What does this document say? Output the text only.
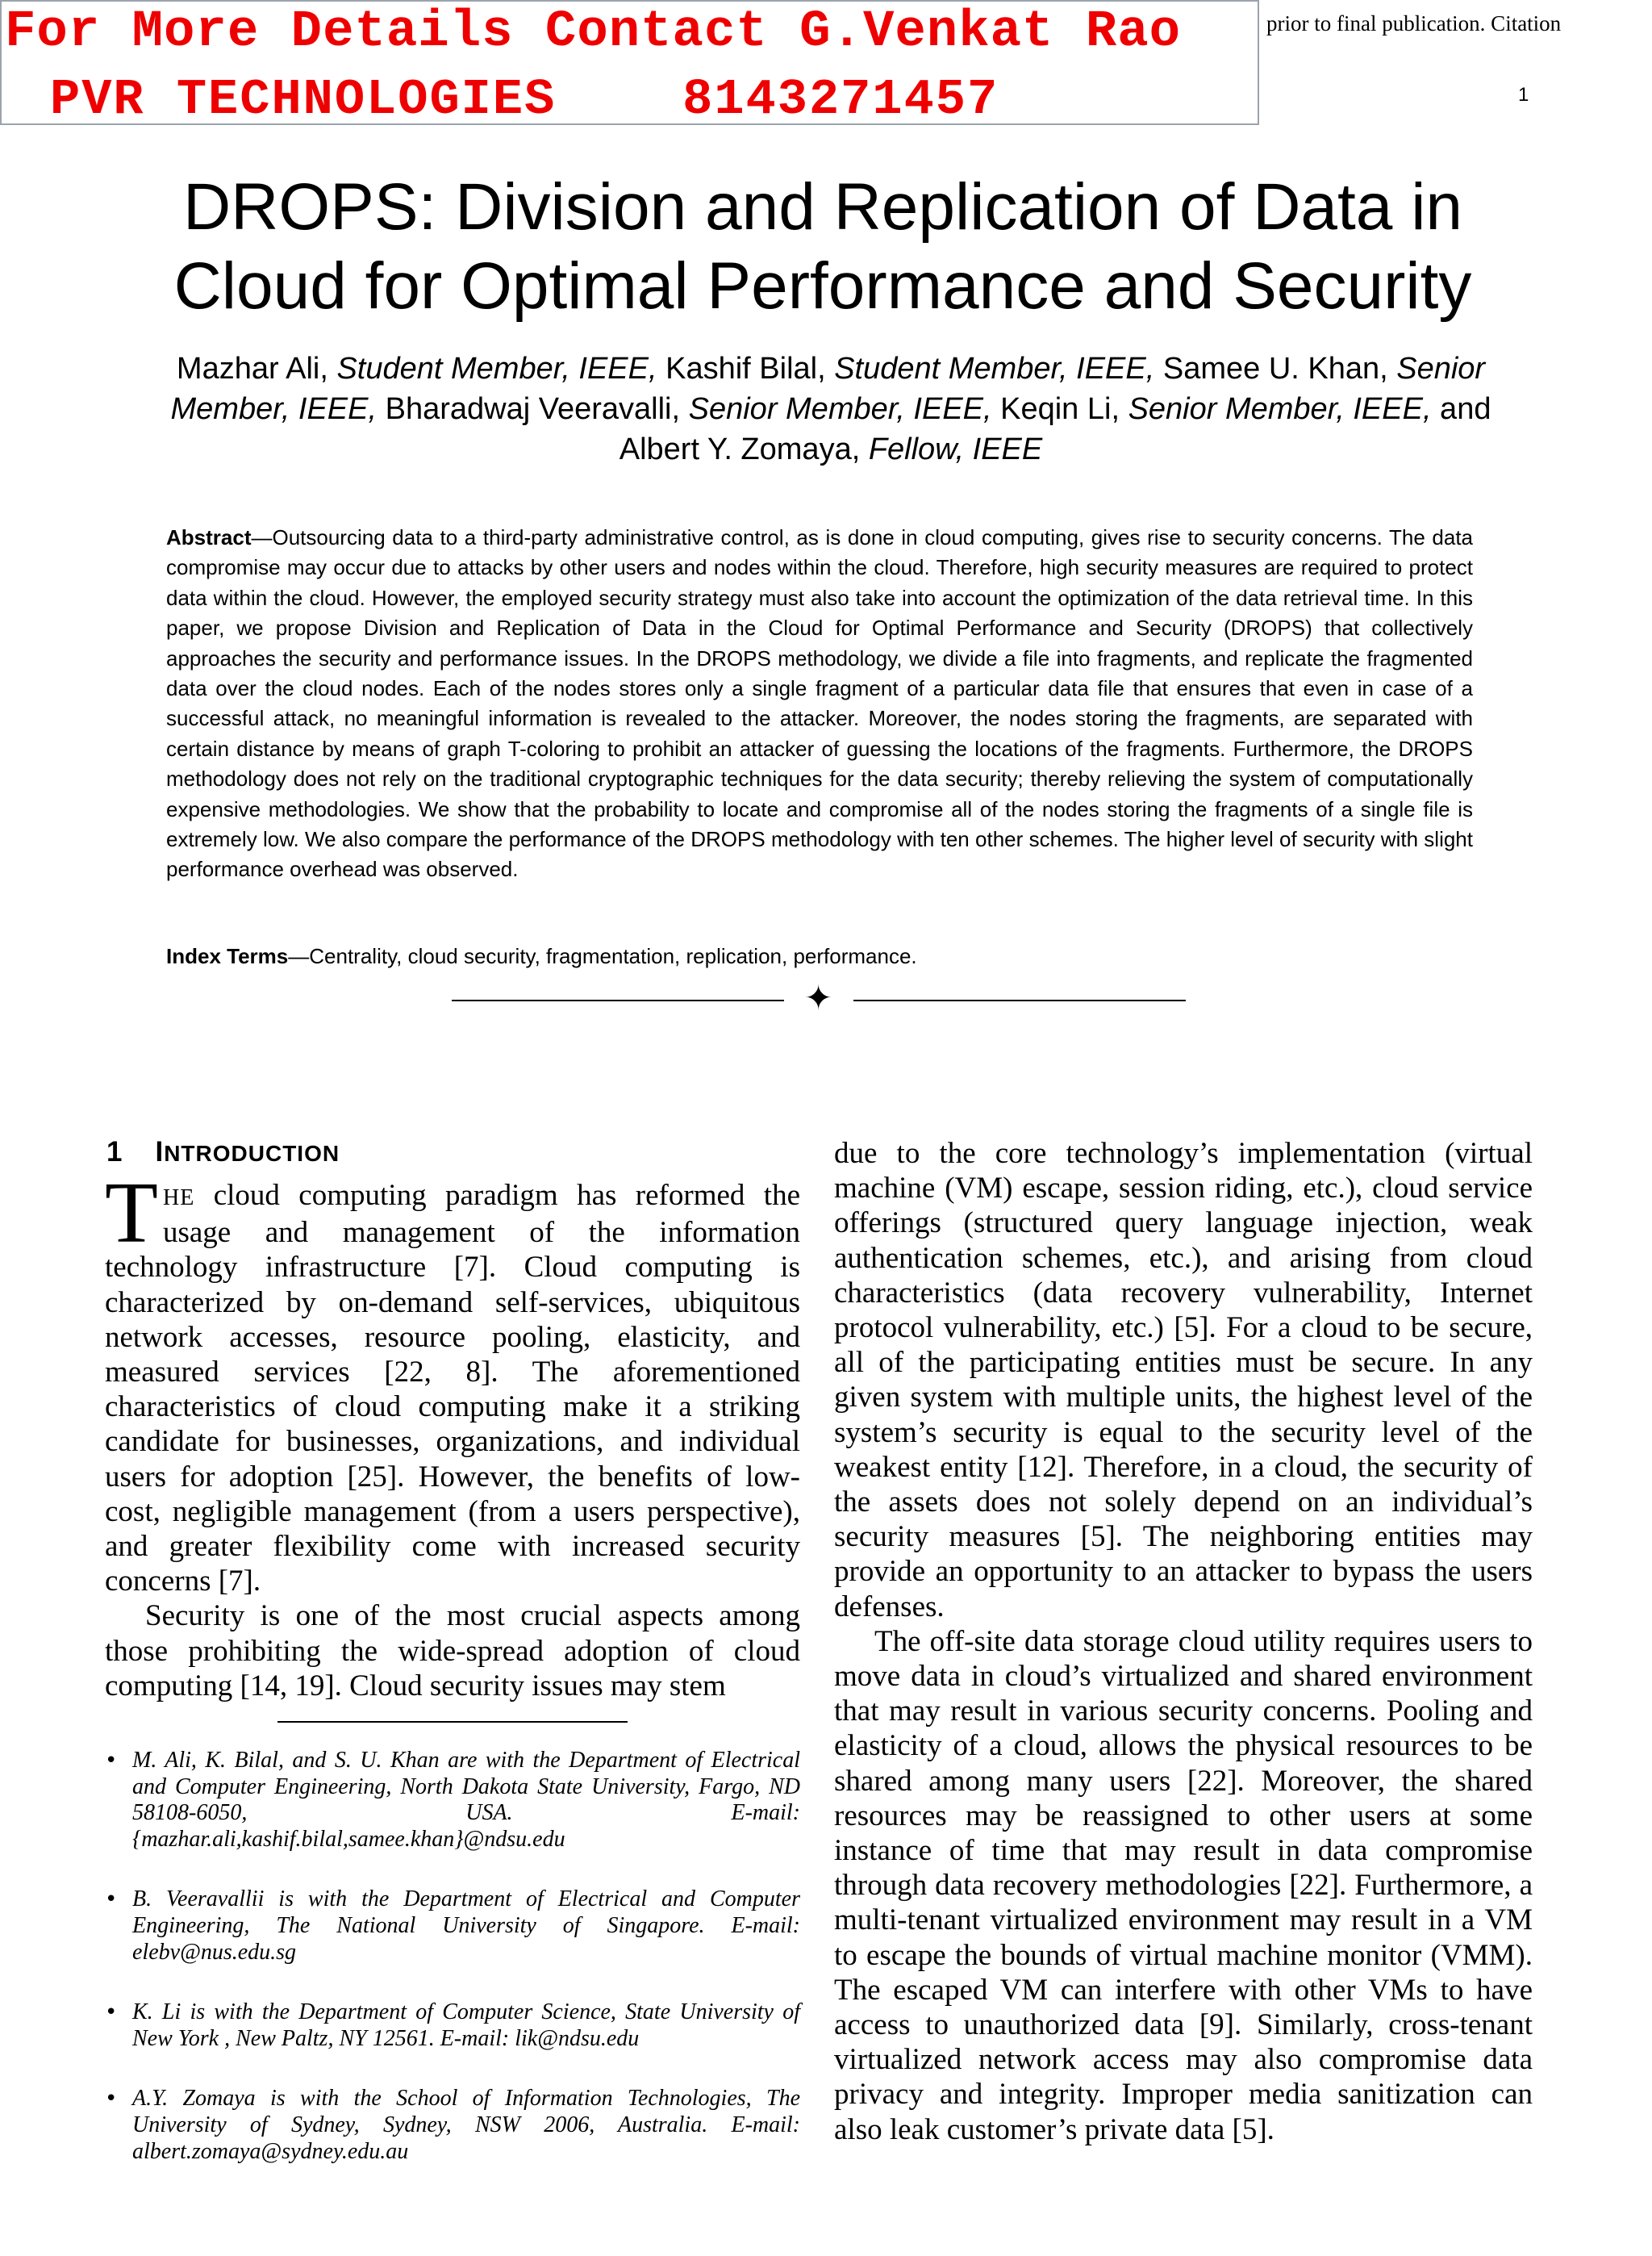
For More Details Contact G.Venkat Rao
PVR TECHNOLOGIES    8143271457
prior to final publication. Citation
1
DROPS: Division and Replication of Data in
Cloud for Optimal Performance and Security
Mazhar Ali, Student Member, IEEE, Kashif Bilal, Student Member, IEEE, Samee U. Khan, Senior
Member, IEEE, Bharadwaj Veeravalli, Senior Member, IEEE, Keqin Li, Senior Member, IEEE, and
Albert Y. Zomaya, Fellow, IEEE
Abstract—Outsourcing data to a third-party administrative control, as is done in cloud computing, gives rise to security concerns. The data compromise may occur due to attacks by other users and nodes within the cloud. Therefore, high security measures are required to protect data within the cloud. However, the employed security strategy must also take into account the optimization of the data retrieval time. In this paper, we propose Division and Replication of Data in the Cloud for Optimal Performance and Security (DROPS) that collectively approaches the security and performance issues. In the DROPS methodology, we divide a file into fragments, and replicate the fragmented data over the cloud nodes. Each of the nodes stores only a single fragment of a particular data file that ensures that even in case of a successful attack, no meaningful information is revealed to the attacker. Moreover, the nodes storing the fragments, are separated with certain distance by means of graph T-coloring to prohibit an attacker of guessing the locations of the fragments. Furthermore, the DROPS methodology does not rely on the traditional cryptographic techniques for the data security; thereby relieving the system of computationally expensive methodologies. We show that the probability to locate and compromise all of the nodes storing the fragments of a single file is extremely low. We also compare the performance of the DROPS methodology with ten other schemes. The higher level of security with slight performance overhead was observed.
Index Terms—Centrality, cloud security, fragmentation, replication, performance.
✦
1 INTRODUCTION

THE cloud computing paradigm has reformed the usage and management of the information technology infrastructure [7]. Cloud computing is characterized by on-demand self-services, ubiquitous network accesses, resource pooling, elasticity, and measured services [22, 8]. The aforementioned characteristics of cloud computing make it a striking candidate for businesses, organizations, and individual users for adoption [25]. However, the benefits of low-cost, negligible management (from a users perspective), and greater flexibility come with increased security concerns [7].

Security is one of the most crucial aspects among those prohibiting the wide-spread adoption of cloud computing [14, 19]. Cloud security issues may stem

• M. Ali, K. Bilal, and S. U. Khan are with the Department of Electrical and Computer Engineering, North Dakota State University, Fargo, ND 58108-6050, USA. E-mail: {mazhar.ali,kashif.bilal,samee.khan}@ndsu.edu
• B. Veeravallii is with the Department of Electrical and Computer Engineering, The National University of Singapore. E-mail: elebv@nus.edu.sg
• K. Li is with the Department of Computer Science, State University of New York , New Paltz, NY 12561. E-mail: lik@ndsu.edu
• A.Y. Zomaya is with the School of Information Technologies, The University of Sydney, Sydney, NSW 2006, Australia. E-mail: albert.zomaya@sydney.edu.au

due to the core technology’s implementation (virtual machine (VM) escape, session riding, etc.), cloud service offerings (structured query language injection, weak authentication schemes, etc.), and arising from cloud characteristics (data recovery vulnerability, Internet protocol vulnerability, etc.) [5]. For a cloud to be secure, all of the participating entities must be secure. In any given system with multiple units, the highest level of the system’s security is equal to the security level of the weakest entity [12]. Therefore, in a cloud, the security of the assets does not solely depend on an individual’s security measures [5]. The neighboring entities may provide an opportunity to an attacker to bypass the users defenses.

The off-site data storage cloud utility requires users to move data in cloud’s virtualized and shared environment that may result in various security concerns. Pooling and elasticity of a cloud, allows the physical resources to be shared among many users [22]. Moreover, the shared resources may be reassigned to other users at some instance of time that may result in data compromise through data recovery methodologies [22]. Furthermore, a multi-tenant virtualized environment may result in a VM to escape the bounds of virtual machine monitor (VMM). The escaped VM can interfere with other VMs to have access to unauthorized data [9]. Similarly, cross-tenant virtualized network access may also compromise data privacy and integrity. Improper media sanitization can also leak customer’s private data [5].
